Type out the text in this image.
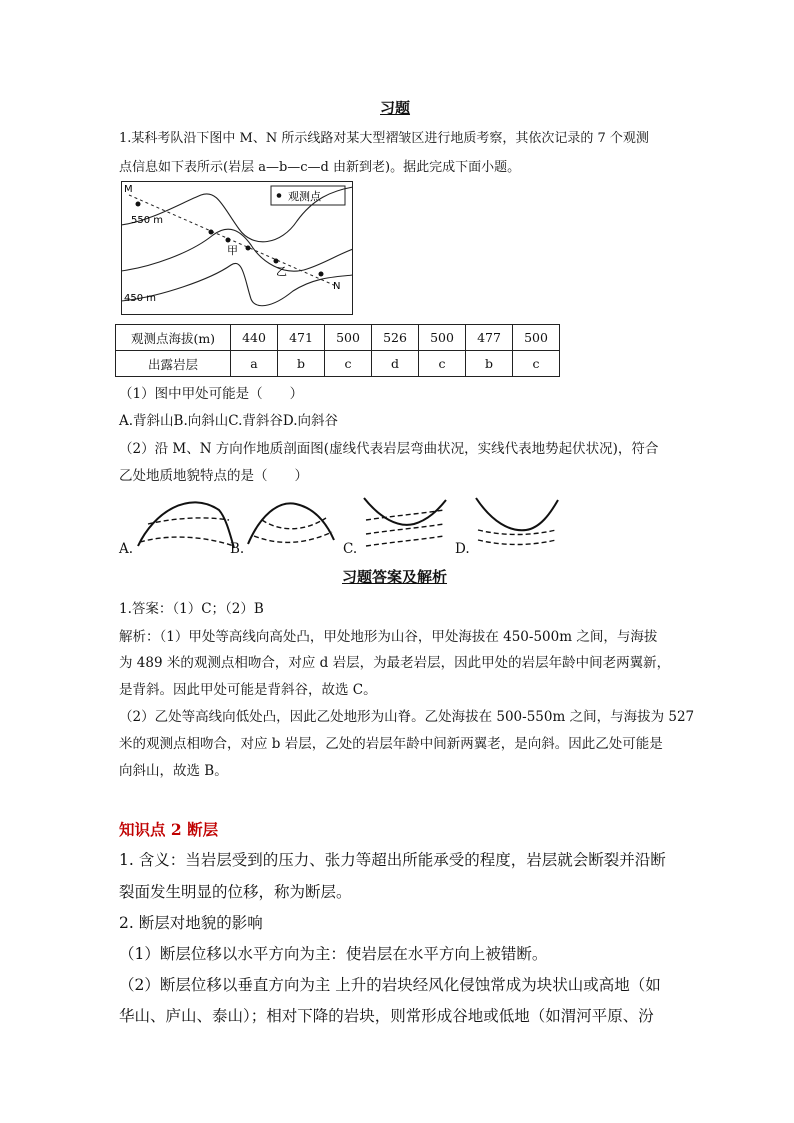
习题
1.某科考队沿下图中 M、N 所示线路对某大型褶皱区进行地质考察，其依次记录的 7 个观测
点信息如下表所示(岩层 a—b—c—d 由新到老)。据此完成下面小题。
观测点
M
N
550 m
450 m
甲
乙
观测点海拔(m)	440	471	500	526	500	477	500
出露岩层	a	b	c	d	c	b	c
（1）图中甲处可能是（　　）
A.背斜山B.向斜山C.背斜谷D.向斜谷
（2）沿 M、N 方向作地质剖面图(虚线代表岩层弯曲状况，实线代表地势起伏状况)，符合
乙处地质地貌特点的是（　　）
A.	B.	C.	D.
习题答案及解析
1.答案：（1）C；（2）B
解析：（1）甲处等高线向高处凸，甲处地形为山谷，甲处海拔在 450-500m 之间，与海拔
为 489 米的观测点相吻合，对应 d 岩层，为最老岩层，因此甲处的岩层年龄中间老两翼新，
是背斜。因此甲处可能是背斜谷，故选 C。
（2）乙处等高线向低处凸，因此乙处地形为山脊。乙处海拔在 500-550m 之间，与海拔为 527
米的观测点相吻合，对应 b 岩层，乙处的岩层年龄中间新两翼老，是向斜。因此乙处可能是
向斜山，故选 B。
知识点 2 断层
1. 含义：当岩层受到的压力、张力等超出所能承受的程度，岩层就会断裂并沿断
裂面发生明显的位移，称为断层。
2. 断层对地貌的影响
（1）断层位移以水平方向为主：使岩层在水平方向上被错断。
（2）断层位移以垂直方向为主 上升的岩块经风化侵蚀常成为块状山或高地（如
华山、庐山、泰山）；相对下降的岩块，则常形成谷地或低地（如渭河平原、汾
